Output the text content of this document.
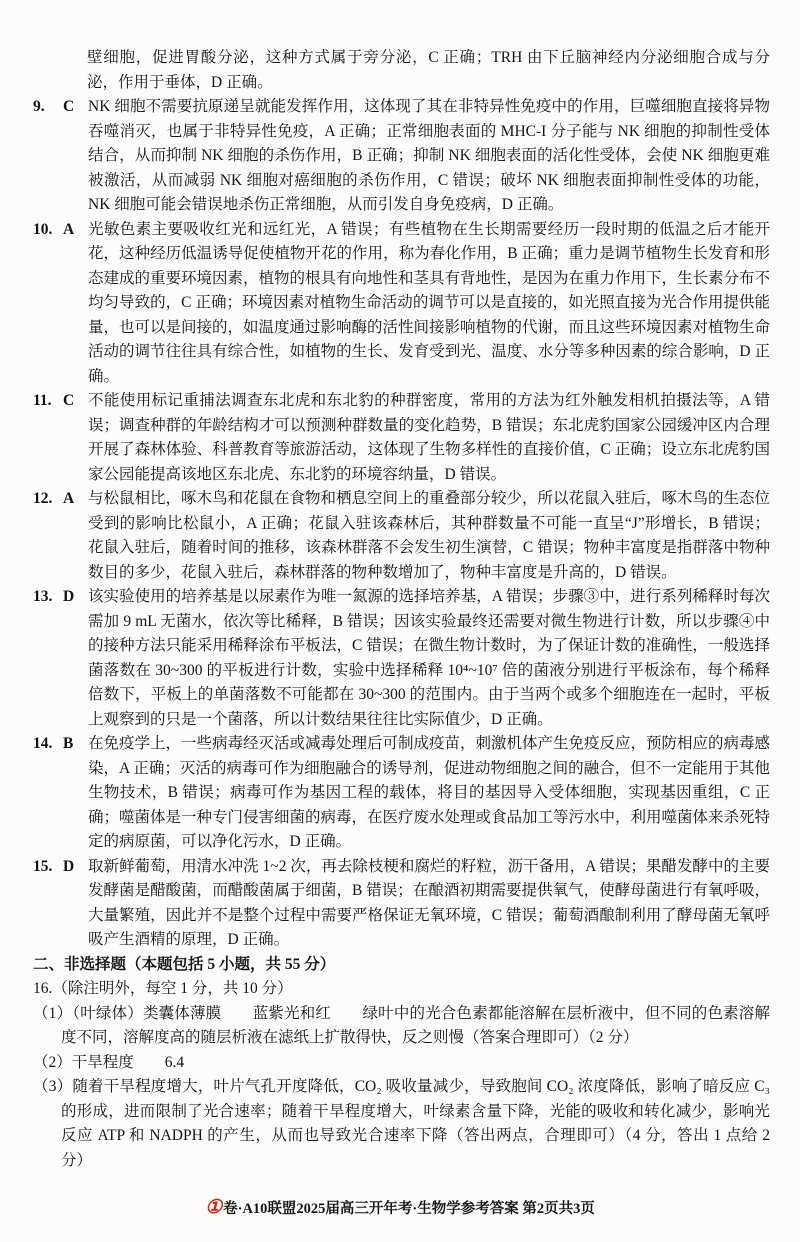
壁细胞，促进胃酸分泌，这种方式属于旁分泌，C 正确；TRH 由下丘脑神经内分泌细胞合成与分泌，作用于垂体，D 正确。

9.	C NK 细胞不需要抗原递呈就能发挥作用，这体现了其在非特异性免疫中的作用，巨噬细胞直接将异物吞噬消灭，也属于非特异性免疫，A 正确；正常细胞表面的 MHC-I 分子能与 NK 细胞的抑制性受体结合，从而抑制 NK 细胞的杀伤作用，B 正确；抑制 NK 细胞表面的活化性受体，会使 NK 细胞更难被激活，从而减弱 NK 细胞对癌细胞的杀伤作用，C 错误；破坏 NK 细胞表面抑制性受体的功能，NK 细胞可能会错误地杀伤正常细胞，从而引发自身免疫病，D 正确。
10. A 光敏色素主要吸收红光和远红光，A 错误；有些植物在生长期需要经历一段时期的低温之后才能开花，这种经历低温诱导促使植物开花的作用，称为春化作用，B 正确；重力是调节植物生长发育和形态建成的重要环境因素，植物的根具有向地性和茎具有背地性，是因为在重力作用下，生长素分布不均匀导致的，C 正确；环境因素对植物生命活动的调节可以是直接的，如光照直接为光合作用提供能量，也可以是间接的，如温度通过影响酶的活性间接影响植物的代谢，而且这些环境因素对植物生命活动的调节往往具有综合性，如植物的生长、发育受到光、温度、水分等多种因素的综合影响，D 正确。
11. C 不能使用标记重捕法调查东北虎和东北豹的种群密度，常用的方法为红外触发相机拍摄法等，A 错误；调查种群的年龄结构才可以预测种群数量的变化趋势，B 错误；东北虎豹国家公园缓冲区内合理开展了森林体验、科普教育等旅游活动，这体现了生物多样性的直接价值，C 正确；设立东北虎豹国家公园能提高该地区东北虎、东北豹的环境容纳量，D 错误。
12. A 与松鼠相比，啄木鸟和花鼠在食物和栖息空间上的重叠部分较少，所以花鼠入驻后，啄木鸟的生态位受到的影响比松鼠小，A 正确；花鼠入驻该森林后，其种群数量不可能一直呈“J”形增长，B 错误；花鼠入驻后，随着时间的推移，该森林群落不会发生初生演替，C 错误；物种丰富度是指群落中物种数目的多少，花鼠入驻后，森林群落的物种数增加了，物种丰富度是升高的，D 错误。
13. D 该实验使用的培养基是以尿素作为唯一氮源的选择培养基，A 错误；步骤③中，进行系列稀释时每次需加 9 mL 无菌水，依次等比稀释，B 错误；因该实验最终还需要对微生物进行计数，所以步骤④中的接种方法只能采用稀释涂布平板法，C 错误；在微生物计数时，为了保证计数的准确性，一般选择菌落数在 30~300 的平板进行计数，实验中选择稀释 10⁴~10⁷ 倍的菌液分别进行平板涂布，每个稀释倍数下，平板上的单菌落数不可能都在 30~300 的范围内。由于当两个或多个细胞连在一起时，平板上观察到的只是一个菌落，所以计数结果往往比实际值少，D 正确。
14. B 在免疫学上，一些病毒经灭活或减毒处理后可制成疫苗，刺激机体产生免疫反应，预防相应的病毒感染，A 正确；灭活的病毒可作为细胞融合的诱导剂，促进动物细胞之间的融合，但不一定能用于其他生物技术，B 错误；病毒可作为基因工程的载体，将目的基因导入受体细胞，实现基因重组，C 正确；噬菌体是一种专门侵害细菌的病毒，在医疗废水处理或食品加工等污水中，利用噬菌体来杀死特定的病原菌，可以净化污水，D 正确。
15. D 取新鲜葡萄，用清水冲洗 1~2 次，再去除枝梗和腐烂的籽粒，沥干备用，A 错误；果醋发酵中的主要发酵菌是醋酸菌，而醋酸菌属于细菌，B 错误；在酿酒初期需要提供氧气，使酵母菌进行有氧呼吸，大量繁殖，因此并不是整个过程中需要严格保证无氧环境，C 错误；葡萄酒酿制利用了酵母菌无氧呼吸产生酒精的原理，D 正确。

二、非选择题（本题包括 5 小题，共 55 分）

16.（除注明外，每空 1 分，共 10 分）

（1）（叶绿体）类囊体薄膜　　蓝紫光和红　　绿叶中的光合色素都能溶解在层析液中，但不同的色素溶解度不同，溶解度高的随层析液在滤纸上扩散得快，反之则慢（答案合理即可）（2 分）

（2）干旱程度　　6.4

（3）随着干旱程度增大，叶片气孔开度降低，CO₂ 吸收量减少，导致胞间 CO₂ 浓度降低，影响了暗反应 C₃ 的形成，进而限制了光合速率；随着干旱程度增大，叶绿素含量下降，光能的吸收和转化减少，影响光反应 ATP 和 NADPH 的产生，从而也导致光合速率下降（答出两点，合理即可）（4 分，答出 1 点给 2 分）

①卷·A10联盟2025届高三开年考·生物学参考答案 第2页共3页
